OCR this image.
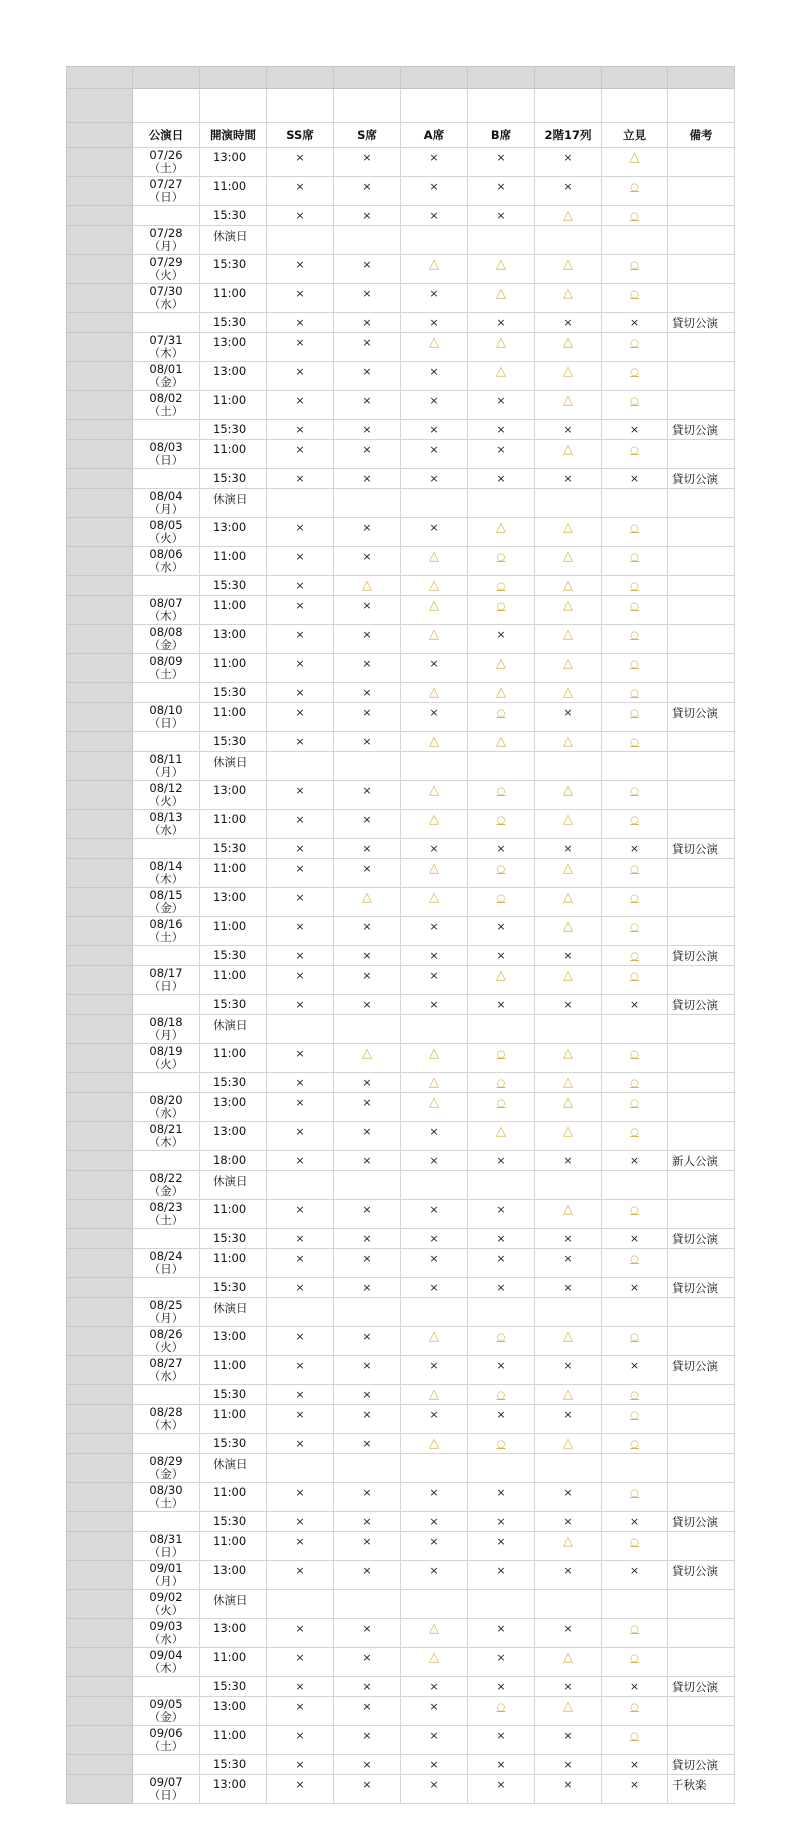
	公演日	開演時間	SS席	S席	A席	B席	2階17列	立見	備考

	07/26
（土）	13:00	×	×	×	×	×	△	

	07/27
（日）	11:00	×	×	×	×	×	○	
		15:30	×	×	×	×	△	○	

	07/28
（月）	休演日							

	07/29
（火）	15:30	×	×	△	△	△	○	

	07/30
（水）	11:00	×	×	×	△	△	○	
		15:30	×	×	×	×	×	×	貸切公演

	07/31
（木）	13:00	×	×	△	△	△	○	

	08/01
（金）	13:00	×	×	×	△	△	○	

	08/02
（土）	11:00	×	×	×	×	△	○	
		15:30	×	×	×	×	×	×	貸切公演

	08/03
（日）	11:00	×	×	×	×	△	○	
		15:30	×	×	×	×	×	×	貸切公演

	08/04
（月）	休演日							

	08/05
（火）	13:00	×	×	×	△	△	○	

	08/06
（水）	11:00	×	×	△	○	△	○	
		15:30	×	△	△	○	△	○	

	08/07
（木）	11:00	×	×	△	○	△	○	

	08/08
（金）	13:00	×	×	△	×	△	○	

	08/09
（土）	11:00	×	×	×	△	△	○	
		15:30	×	×	△	△	△	○	

	08/10
（日）	11:00	×	×	×	○	×	○	貸切公演
		15:30	×	×	△	△	△	○	

	08/11
（月）	休演日							

	08/12
（火）	13:00	×	×	△	○	△	○	

	08/13
（水）	11:00	×	×	△	○	△	○	
		15:30	×	×	×	×	×	×	貸切公演

	08/14
（木）	11:00	×	×	△	○	△	○	

	08/15
（金）	13:00	×	△	△	○	△	○	

	08/16
（土）	11:00	×	×	×	×	△	○	
		15:30	×	×	×	×	×	○	貸切公演

	08/17
（日）	11:00	×	×	×	△	△	○	
		15:30	×	×	×	×	×	×	貸切公演

	08/18
（月）	休演日							

	08/19
（火）	11:00	×	△	△	○	△	○	
		15:30	×	×	△	○	△	○	

	08/20
（水）	13:00	×	×	△	○	△	○	

	08/21
（木）	13:00	×	×	×	△	△	○	
		18:00	×	×	×	×	×	×	新人公演

	08/22
（金）	休演日							

	08/23
（土）	11:00	×	×	×	×	△	○	
		15:30	×	×	×	×	×	×	貸切公演

	08/24
（日）	11:00	×	×	×	×	×	○	
		15:30	×	×	×	×	×	×	貸切公演

	08/25
（月）	休演日							

	08/26
（火）	13:00	×	×	△	○	△	○	

	08/27
（水）	11:00	×	×	×	×	×	×	貸切公演
		15:30	×	×	△	○	△	○	

	08/28
（木）	11:00	×	×	×	×	×	○	
		15:30	×	×	△	○	△	○	

	08/29
（金）	休演日							

	08/30
（土）	11:00	×	×	×	×	×	○	
		15:30	×	×	×	×	×	×	貸切公演

	08/31
（日）	11:00	×	×	×	×	△	○	

	09/01
（月）	13:00	×	×	×	×	×	×	貸切公演

	09/02
（火）	休演日							

	09/03
（水）	13:00	×	×	△	×	×	○	

	09/04
（木）	11:00	×	×	△	×	△	○	
		15:30	×	×	×	×	×	×	貸切公演

	09/05
（金）	13:00	×	×	×	○	△	○	

	09/06
（土）	11:00	×	×	×	×	×	○	
		15:30	×	×	×	×	×	×	貸切公演

	09/07
（日）	13:00	×	×	×	×	×	×	千秋楽
